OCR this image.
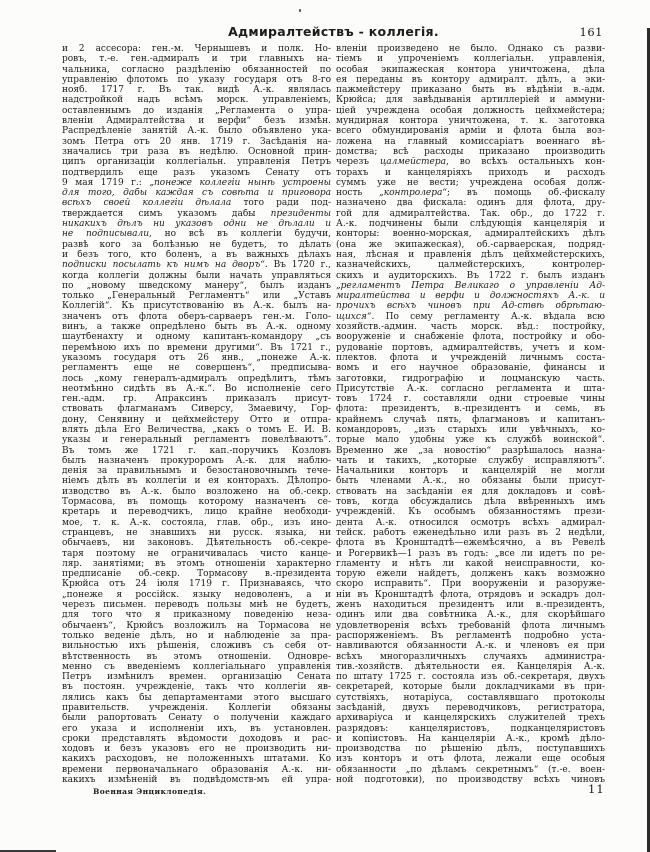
Адмиралтействъ - коллегія.	161
и 2 ассесора: ген.-м. Чернышевъ и полк. Но-
ровъ, т.-е. ген.-адмиралъ и три главныхъ на-
чальника, согласно раздѣленію обязанностей по
управленію флотомъ по указу государя отъ 8-го
нояб. 1717 г. Въ так. видѣ А.-к. являлась
надстройкой надъ всѣмъ морск. управленіемъ,
оставленнымъ до изданія „Регламента о упра-
вленіи Адмиралтейства и верфи“ безъ измѣн.
Распредѣленіе занятій А.-к. было объявлено ука-
зомъ Петра отъ 20 янв. 1719 г. Засѣданія на-
значались три раза въ недѣлю. Основной прин-
ципъ организаціи коллегіальн. управленія Петръ
подтвердилъ еще разъ указомъ Сенату отъ
9 мая 1719 г.: „понеже коллегіи нынѣ устроены
для того, дабы каждая съ совѣта и приговора
всѣхъ своей коллегіи дѣлала того ради под-
тверждается симъ указомъ дабы президенты
никакихъ дѣлъ ни указовъ одни не дѣлали и
не подписывали, но всѣ въ коллегіи будучи,
развѣ кого за болѣзнью не будетъ, то дѣлать
и безъ того, кто боленъ, а въ важныхъ дѣлахъ
подписки посылать къ нимъ на дворъ“. Въ 1720 г.,
когда коллегіи должны были начать управляться
по „новому шведскому манеру“, былъ изданъ
только „Генеральный Регламентъ“ или „Уставъ
Коллегій“. Къ присутствованію въ А.-к. былъ на-
значенъ отъ флота оберъ-сарваеръ ген.-м. Голо-
винъ, а также опредѣлено быть въ А.-к. одному
шаутбенахту и одному капитанъ-командору „съ
перемѣною ихъ по времени другими“. Въ 1721 г.,
указомъ государя отъ 26 янв., „понеже А.-к.
регламентъ еще не совершенъ“, предписыва-
лось „кому генералъ-адмиралъ опредѣлитъ, тѣмъ
неотмѣнно сидѣть въ А.-к.“. Во исполненіе сего
ген.-адм. гр. Апраксинъ приказалъ присут-
ствовать флагманамъ Сиверсу, Змаевичу, Гор-
дону, Сенявину и цейхмейстеру Отто и отпра-
влять дѣла Его Величества, „какъ о томъ Е. И. В.
указы и генеральный регламентъ повелѣваютъ“.
Въ томъ же 1721 г. кап.-поручикъ Козловъ
былъ назначенъ прокуроромъ А.-к. для наблю-
денія за правильнымъ и безостановочнымъ тече-
ніемъ дѣлъ въ коллегіи и ея конторахъ. Дѣлопро-
изводство въ А.-к. было возложено на об.-секр.
Тормасова, въ помощь которому назначенъ се-
кретарь и переводчикъ, лицо крайне необходи-
мое, т. к. А.-к. состояла, глав. обр., изъ ино-
странцевъ, не знавшихъ ни русск. языка, ни
обычаевъ, ни законовъ. Дѣятельность об.-секре-
таря поэтому не ограничивалась чисто канце-
ляр. занятіями; въ этомъ отношеніи характерно
предписаніе об.-секр. Тормасову в.-президента
Крюйса отъ 24 іюля 1719 г. Признаваясь, что
„понеже я россійск. языку недоволенъ, а и
черезъ письмен. переводъ пользы мнѣ не будетъ,
для того что я приказному поведенію неза-
обычаенъ“, Крюйсъ возложилъ на Тормасова не
только веденіе дѣлъ, но и наблюденіе за пра-
вильностью ихъ рѣшенія, сложивъ съ себя от-
вѣтственность въ этомъ отношеніи. Одновре-
менно съ введеніемъ коллегіальнаго управленія
Петръ измѣнилъ времен. организацію Сената
въ постоян. учрежденіе, такъ что коллегіи яв-
лялись какъ бы департаментами этого высшаго
правительств. учрежденія. Коллегіи обязаны
были рапортовать Сенату о полученіи каждаго
его указа и исполненіи ихъ, въ установлен.
сроки представлять вѣдомости доходовъ и рас-
ходовъ и безъ указовъ его не производить ни-
какихъ расходовъ, не положенныхъ штатами. Ко
времени первоначальнаго образованія А.-к. ни-
какихъ измѣненій въ подвѣдомств-мъ ей упра-
вленіи произведено не было. Однако съ разви-
тіемъ и упроченіемъ коллегіальн. управленія,
особая экипажеская контора уничтожена, дѣла
ея переданы въ контору адмиралт. дѣлъ, а эки-
пажмейстеру приказано быть въ вѣдѣніи в.-адм.
Крюйса; для завѣдыванія артиллеріей и аммуни-
ціей учреждена особая должность цейхмейстера;
мундирная контора уничтожена, т. к. заготовка
всего обмундированія арміи и флота была воз-
ложена на главный комиссаріатъ военнаго вѣ-
домства; всѣ расходы приказано производить
черезъ цалмейстера, во всѣхъ остальныхъ кон-
торахъ и канцеляріяхъ приходъ и расходъ
суммъ уже не вести; учреждена особая долж-
ность „контролера“; въ помощь об.-фискалу
назначено два фискала: одинъ для флота, дру-
гой для адмиралтейства. Так. обр., до 1722 г.
А.-к. подчинены были слѣдующія канцелярія и
конторы: военно-морская, адмиралтейскихъ дѣлъ
(она же экипажеская), об.-сарваерская, подряд-
ная, лѣсная и правленія дѣлъ цейхмейстерскихъ,
казначейскихъ, цалмейстерскихъ, контролер-
скихъ и аудиторскихъ. Въ 1722 г. былъ изданъ
„регламентъ Петра Великаго о управленіи Ад-
миралтейства и верфи и должностяхъ А.-к. и
прочихъ всѣхъ чиновъ при Ад-ствѣ обрѣтаю-
щихся“. По сему регламенту А.-к. вѣдала всю
хозяйств.-админ. часть морск. вѣд.: постройку,
вооруженіе и снабженіе флота, постройку и обо-
рудованіе портовъ, адмиралтействъ, учетъ и ком-
плектов. флота и учрежденій личнымъ соста-
вомъ и его научное образованіе, финансы и
заготовки, гидрографію и лоцманскую часть.
Присутствіе А.-к. согласно регламента и шта-
товъ 1724 г. составляли одни строевые чины
флота: президентъ, в.-президентъ и семь, въ
крайнемъ случаѣ пять, флагмановъ и капитанъ-
командоровъ, „изъ старыхъ или увѣчныхъ, ко-
торые мало удобны уже къ службѣ воинской“.
Временно же „за новостію“ разрѣшалось назна-
чать и такихъ, „которые службу исправляютъ“.
Начальники конторъ и канцелярій не могли
быть членами А.-к., но обязаны были присут-
ствовать на засѣданіи ея для докладовъ и совѣ-
товъ, когда обсуждались дѣла ввѣренныхъ имъ
учрежденій. Къ особымъ обязанностямъ прези-
дента А.-к. относился осмотръ всѣхъ адмирал-
тейск. работъ еженедѣльно или разъ въ 2 недѣли,
флота въ Кронштадтѣ—ежемѣсячно, а въ Ревелѣ
и Рогервикѣ—1 разъ въ годъ: „все ли идетъ по ре-
гламенту и нѣтъ ли какой неисправности, ко-
торую ежели найдетъ, долженъ какъ возможно
скоро исправить“. При вооруженіи и разоруже-
ніи въ Кронштадтѣ флота, отрядовъ и эскадръ дол-
женъ находиться президентъ или в.-президентъ,
одинъ или два совѣтника А.-к., для скорѣйшаго
удовлетворенія всѣхъ требованій флота личнымъ
распоряженіемъ. Въ регламентѣ подробно уста-
навливаются обязанности А.-к. и членовъ ея при
всѣхъ многоразличныхъ случаяхъ администра-
тив.-хозяйств. дѣятельности ея. Канцелярія А.-к.
по штату 1725 г. состояла изъ об.-секретаря, двухъ
секретарей, которые были докладчиками въ при-
сутствіяхъ, нотаріуса, составлявшаго протоколы
засѣданій, двухъ переводчиковъ, регистратора,
архиваріуса и канцелярскихъ служителей трехъ
разрядовъ: канцеляристовъ, подканцеляристовъ
и копіистовъ. На канцеляріи А.-к., кромѣ дѣло-
производства по рѣшенію дѣлъ, поступавшихъ
изъ конторъ и отъ флота, лежали еще особыя
обязанности „по дѣламъ секретнымъ“ (т.-е. воен-
ной подготовки), по производству всѣхъ чиновъ
Военная Энциклопедія.	11
